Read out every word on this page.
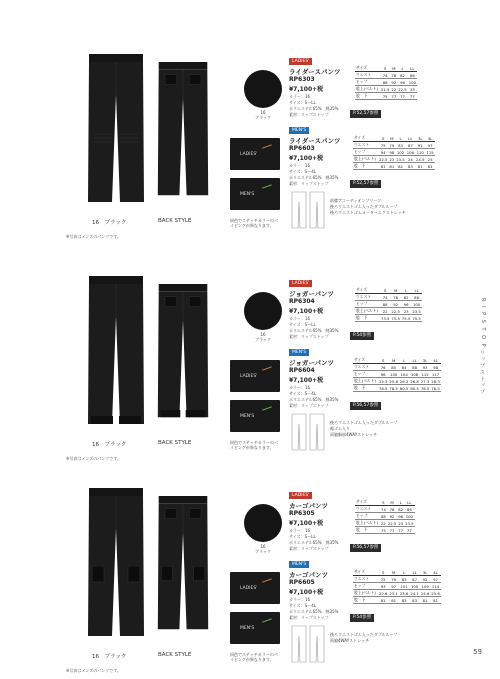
16　ブラック	BACK STYLE
※写真はメンズのパンツです。
16
ブラック
LADIES'
ライダースパンツ
RP6303
¥7,100+税
カラー：16
サイズ：S～LL
ポリエステル65%　綿35%
素材：リップストップ
サイズ	S	M	L	LL
ウエスト	74	78	82	86
ヒップ	88	92	96	100
股上(ベルト)	21.5	22	22.5	23
股　下	75	77	77	77
P.52,57参照
MEN'S
ライダースパンツ
RP6603
¥7,100+税
カラー：16
サイズ：S～4L
ポリエステル65%　綿35%
素材：リップストップ
サイズ	S	M	L	LL	3L	4L
ウエスト	75	79	83	87	92	97
ヒップ	94	98	102	106	110	115
股上(ベルト)	22.5	23	23.5	24	24.5	25
股　下	81	81	82	83	81	81
P.52,57参照
LADIES'
MEN'S
同色でステッチカラーのパイピングが異なります。
前膝アコーディオンプリーツ
後ろウエストゴム入ったダブルループ
後ろウエストゴムメーターエクストレッチ
16　ブラック	BACK STYLE
※写真はメンズのパンツです。
16
ブラック
LADIES'
ジョガーパンツ
RP6304
¥7,100+税
カラー：16
サイズ：S～LL
ポリエステル65%　綿35%
素材：リップストップ
サイズ	S	M	L	LL
ウエスト	74	78	82	86
ヒップ	88	92	96	100
股上(ベルト)	22	22.5	23	23.5
股　下	73.5	75.5	75.5	75.5
P.54参照
MEN'S
ジョガーパンツ
RP6604
¥7,100+税
カラー：16
サイズ：S～4L
ポリエステル65%　綿35%
素材：リップストップ
サイズ	S	M	L	LL	3L	4L
ウエスト	76	80	84	88	93	98
ヒップ	96	100	104	108	112	117
股上(ベルト)	25.3	25.8	26.3	26.8	27.3	28.3
股　下	78.5	78.5	80.5	80.5	78.5	78.5
P.56,57参照
LADIES'
MEN'S
同色でステッチカラーのパイピングが異なります。
後ろウエストゴム入ったダブルループ
裾ゴム入り
両脇胴部4WAYストレッチ
16　ブラック	BACK STYLE
※写真はメンズのパンツです。
16
ブラック
LADIES'
カーゴパンツ
RP6305
¥7,100+税
カラー：16
サイズ：S～LL
ポリエステル65%　綿35%
素材：リップストップ
サイズ	S	M	L	LL
ウエスト	74	78	82	86
ヒップ	88	92	96	100
股上(ベルト)	22	22.5	23	23.5
股　下	75	77	77	77
P.56,57参照
MEN'S
カーゴパンツ
RP6605
¥7,100+税
カラー：16
サイズ：S～4L
ポリエステル65%　綿35%
素材：リップストップ
サイズ	S	M	L	LL	3L	4L
ウエスト	75	79	83	87	92	97
ヒップ	93	97	101	105	109	114
股上(ベルト)	22.6	23.1	23.6	24.1	24.6	25.6
股　下	81	81	83	83	81	81
P.54参照
LADIES'
MEN'S
同色でステッチカラーのパイピングが異なります。
後ろウエストゴム入ったダブルループ
両脇4WAYストレッチ
R I P S T O P
リップストップ
59
